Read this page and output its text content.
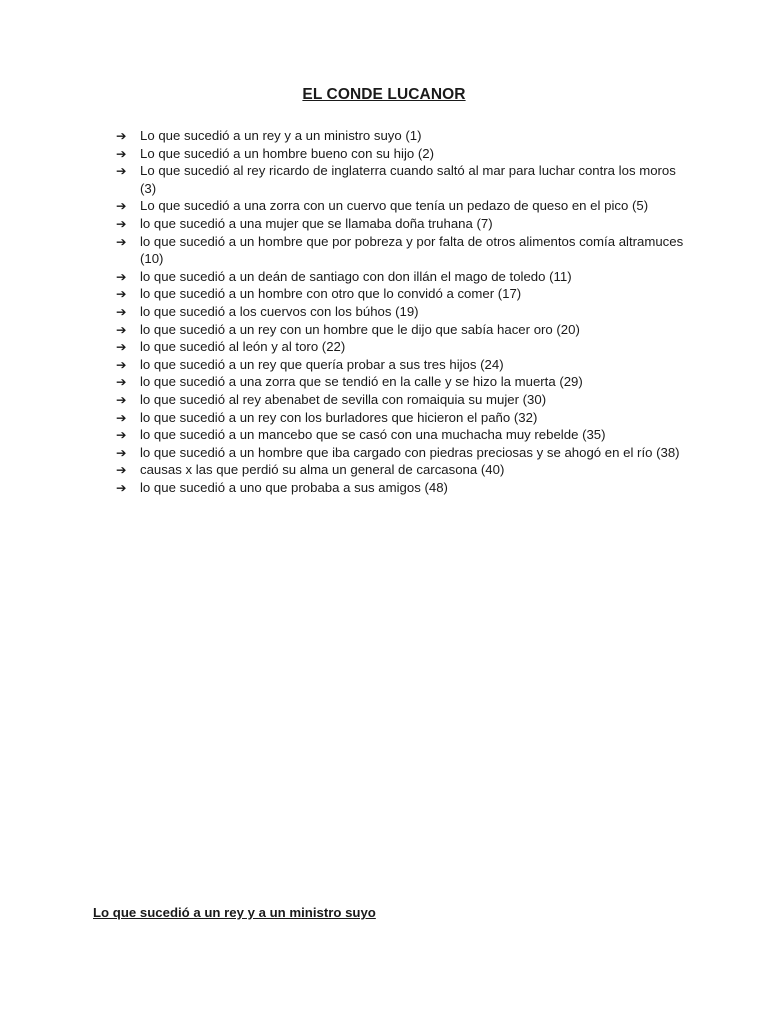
EL CONDE LUCANOR
➔ Lo que sucedió a un rey y a un ministro suyo (1)
➔ Lo que sucedió a un hombre bueno con su hijo (2)
➔ Lo que sucedió al rey ricardo de inglaterra cuando saltó al mar para luchar contra los moros (3)
➔ Lo que sucedió a una zorra con un cuervo que tenía un pedazo de queso en el pico (5)
➔ lo que sucedió a una mujer que se llamaba doña truhana (7)
➔ lo que sucedió a un hombre que por pobreza y por falta de otros alimentos comía altramuces (10)
➔ lo que sucedió a un deán de santiago con don illán el mago de toledo (11)
➔ lo que sucedió a un hombre con otro que lo convidó a comer (17)
➔ lo que sucedió a los cuervos con los búhos (19)
➔ lo que sucedió a un rey con un hombre que le dijo que sabía hacer oro (20)
➔ lo que sucedió al león y al toro (22)
➔ lo que sucedió a un rey que quería probar a sus tres hijos (24)
➔ lo que sucedió a una zorra que se tendió en la calle y se hizo la muerta (29)
➔ lo que sucedió al rey abenabet de sevilla con romaiquia su mujer (30)
➔ lo que sucedió a un rey con los burladores que hicieron el paño (32)
➔ lo que sucedió a un mancebo que se casó con una muchacha muy rebelde (35)
➔ lo que sucedió a un hombre que iba cargado con piedras preciosas y se ahogó en el río (38)
➔ causas x las que perdió su alma un general de carcasona (40)
➔ lo que sucedió a uno que probaba a sus amigos (48)
Lo que sucedió a un rey y a un ministro suyo
